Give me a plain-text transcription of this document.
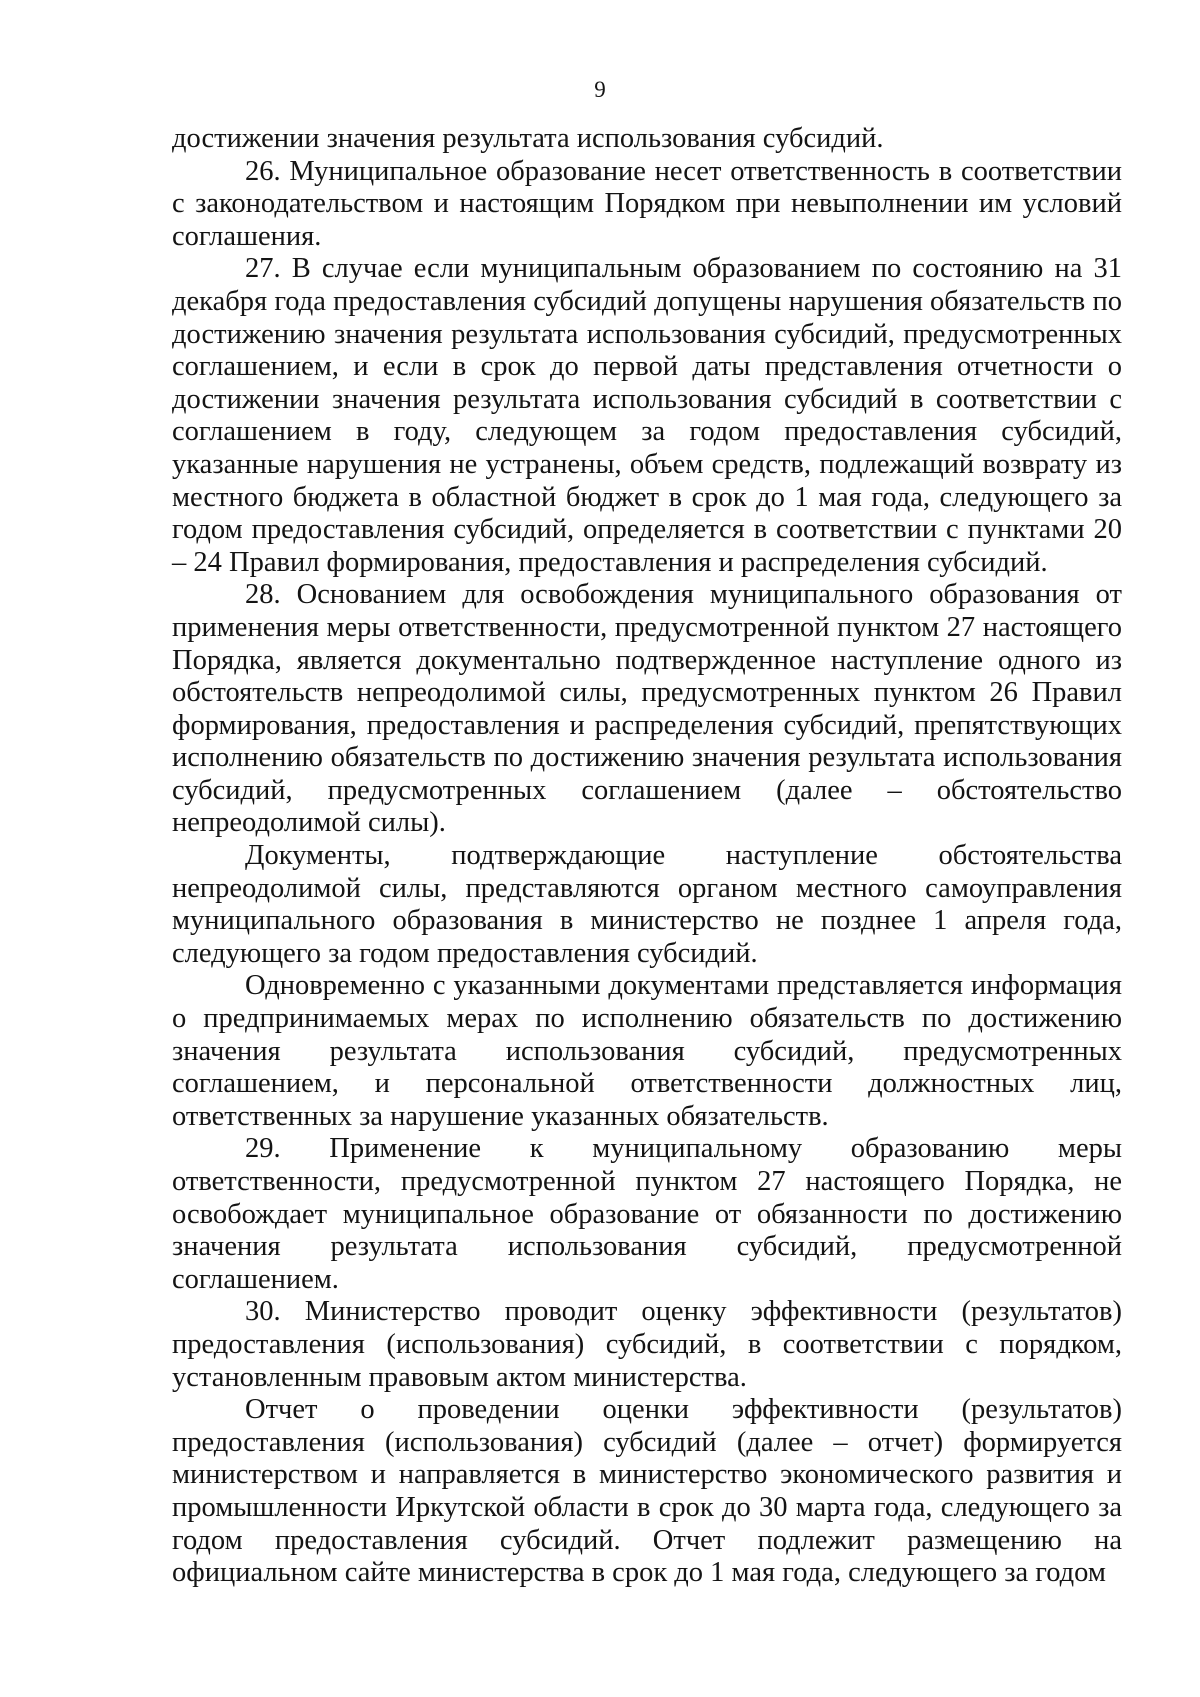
9

достижении значения результата использования субсидий.

26. Муниципальное образование несет ответственность в соответствии с законодательством и настоящим Порядком при невыполнении им условий соглашения.

27. В случае если муниципальным образованием по состоянию на 31 декабря года предоставления субсидий допущены нарушения обязательств по достижению значения результата использования субсидий, предусмотренных соглашением, и если в срок до первой даты представления отчетности о достижении значения результата использования субсидий в соответствии с соглашением в году, следующем за годом предоставления субсидий, указанные нарушения не устранены, объем средств, подлежащий возврату из местного бюджета в областной бюджет в срок до 1 мая года, следующего за годом предоставления субсидий, определяется в соответствии с пунктами 20 – 24 Правил формирования, предоставления и распределения субсидий.

28. Основанием для освобождения муниципального образования от применения меры ответственности, предусмотренной пунктом 27 настоящего Порядка, является документально подтвержденное наступление одного из обстоятельств непреодолимой силы, предусмотренных пунктом 26 Правил формирования, предоставления и распределения субсидий, препятствующих исполнению обязательств по достижению значения результата использования субсидий, предусмотренных соглашением (далее – обстоятельство непреодолимой силы).

Документы, подтверждающие наступление обстоятельства непреодолимой силы, представляются органом местного самоуправления муниципального образования в министерство не позднее 1 апреля года, следующего за годом предоставления субсидий.

Одновременно с указанными документами представляется информация о предпринимаемых мерах по исполнению обязательств по достижению значения результата использования субсидий, предусмотренных соглашением, и персональной ответственности должностных лиц, ответственных за нарушение указанных обязательств.

29. Применение к муниципальному образованию меры ответственности, предусмотренной пунктом 27 настоящего Порядка, не освобождает муниципальное образование от обязанности по достижению значения результата использования субсидий, предусмотренной соглашением.

30. Министерство проводит оценку эффективности (результатов) предоставления (использования) субсидий, в соответствии с порядком, установленным правовым актом министерства.

Отчет о проведении оценки эффективности (результатов) предоставления (использования) субсидий (далее – отчет) формируется министерством и направляется в министерство экономического развития и промышленности Иркутской области в срок до 30 марта года, следующего за годом предоставления субсидий. Отчет подлежит размещению на официальном сайте министерства в срок до 1 мая года, следующего за годом
